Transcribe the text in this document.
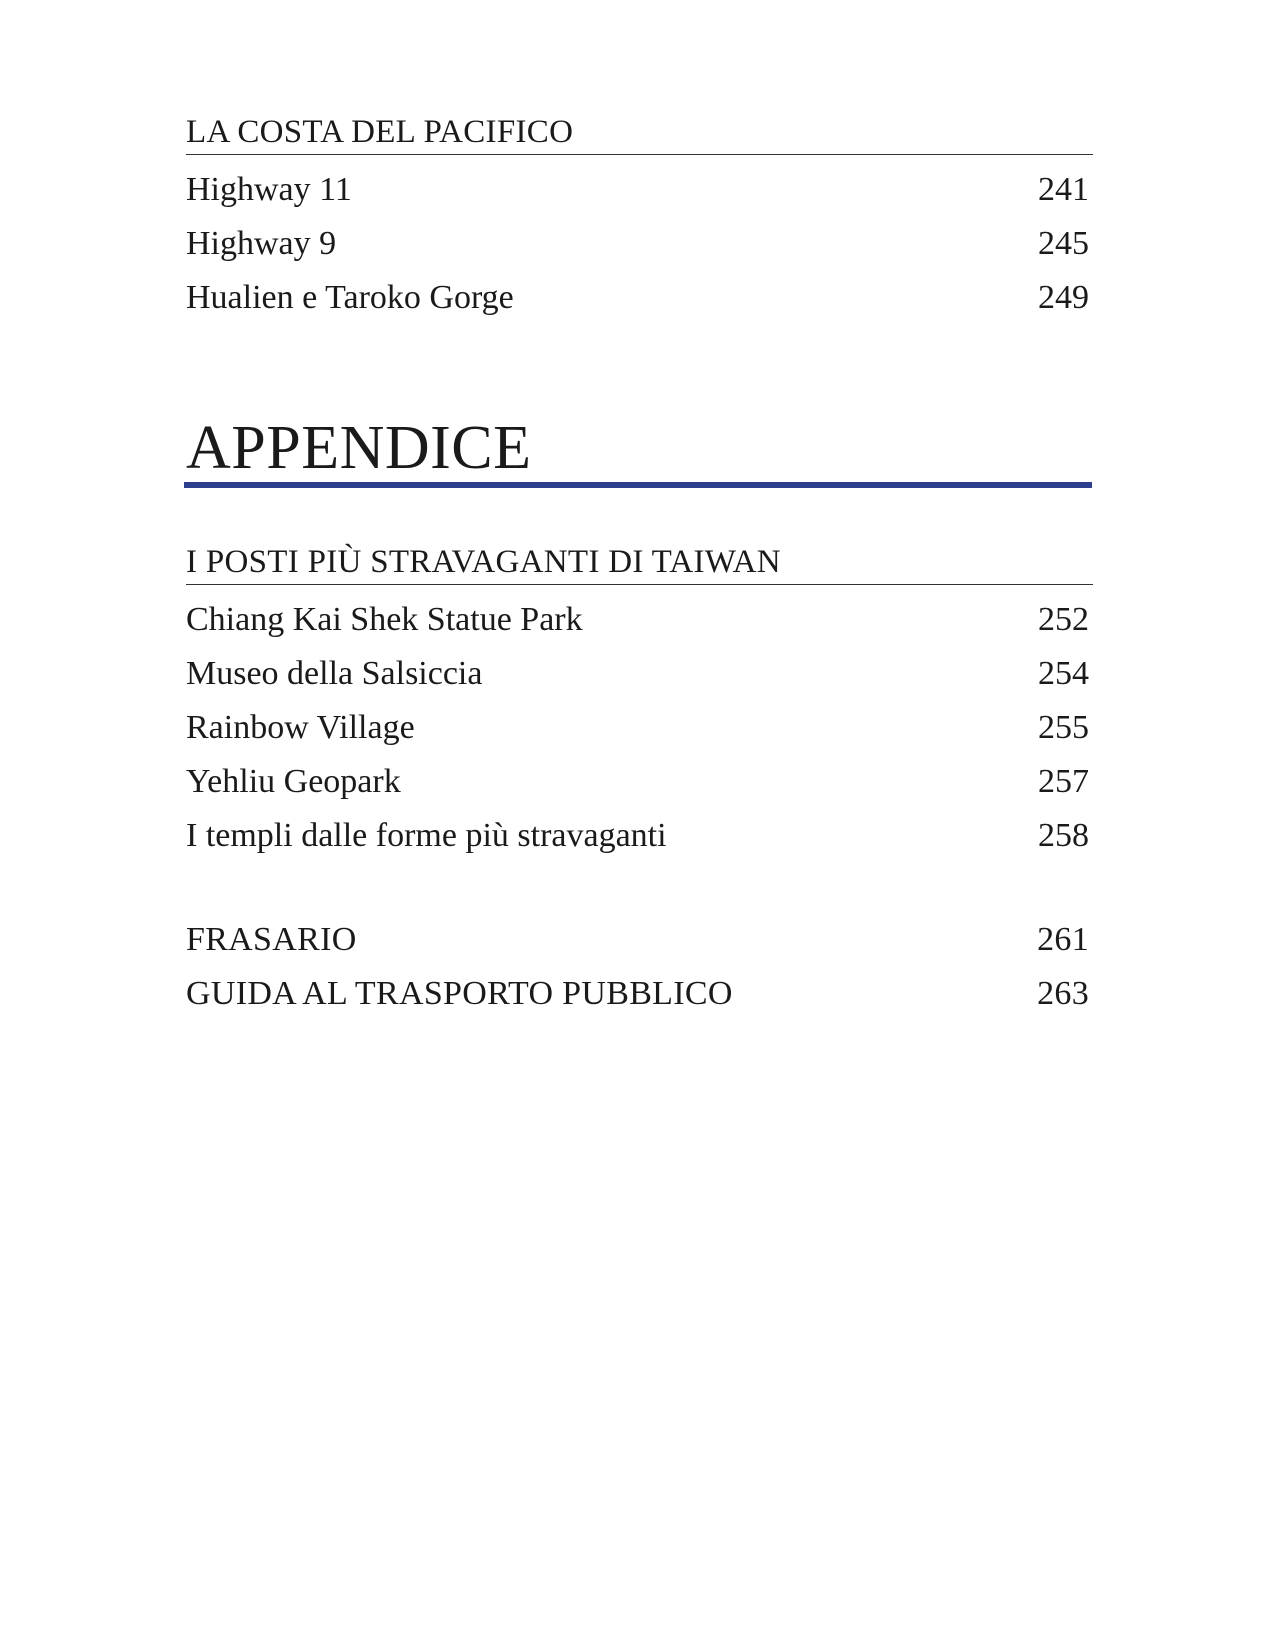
LA COSTA DEL PACIFICO
Highway 11	241
Highway 9	245
Hualien e Taroko Gorge	249
APPENDICE
I POSTI PIÙ STRAVAGANTI DI TAIWAN
Chiang Kai Shek Statue Park	252
Museo della Salsiccia	254
Rainbow Village	255
Yehliu Geopark	257
I templi dalle forme più stravaganti	258
FRASARIO	261
GUIDA AL TRASPORTO PUBBLICO	263
